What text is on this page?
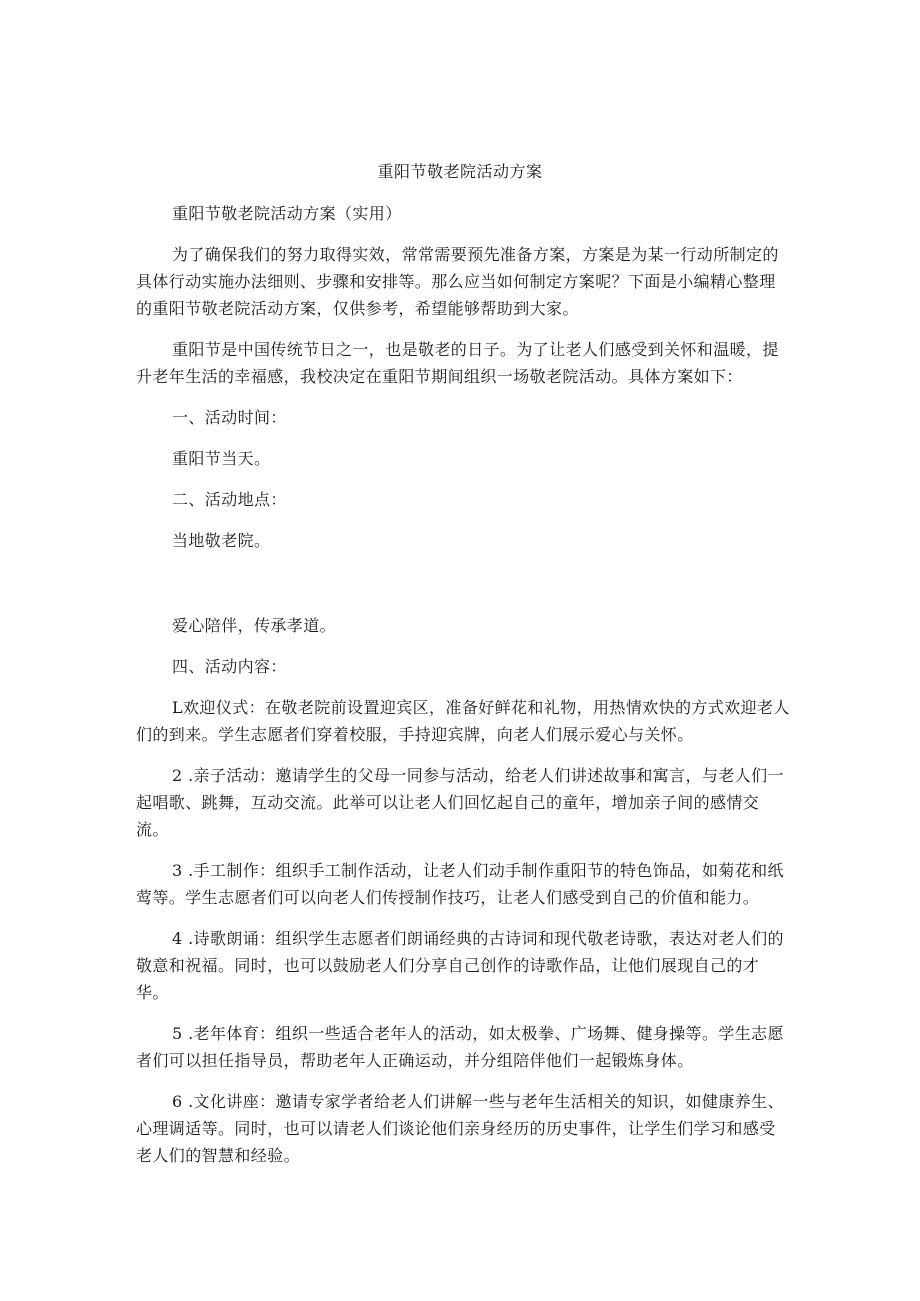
重阳节敬老院活动方案

重阳节敬老院活动方案（实用）

为了确保我们的努力取得实效，常常需要预先准备方案，方案是为某一行动所制定的具体行动实施办法细则、步骤和安排等。那么应当如何制定方案呢？下面是小编精心整理的重阳节敬老院活动方案，仅供参考，希望能够帮助到大家。

重阳节是中国传统节日之一，也是敬老的日子。为了让老人们感受到关怀和温暖，提升老年生活的幸福感，我校决定在重阳节期间组织一场敬老院活动。具体方案如下：

一、活动时间：

重阳节当天。

二、活动地点：

当地敬老院。

爱心陪伴，传承孝道。

四、活动内容：

L欢迎仪式：在敬老院前设置迎宾区，准备好鲜花和礼物，用热情欢快的方式欢迎老人们的到来。学生志愿者们穿着校服，手持迎宾牌，向老人们展示爱心与关怀。

2 .亲子活动：邀请学生的父母一同参与活动，给老人们讲述故事和寓言，与老人们一起唱歌、跳舞，互动交流。此举可以让老人们回忆起自己的童年，增加亲子间的感情交流。

3 .手工制作：组织手工制作活动，让老人们动手制作重阳节的特色饰品，如菊花和纸莺等。学生志愿者们可以向老人们传授制作技巧，让老人们感受到自己的价值和能力。

4 .诗歌朗诵：组织学生志愿者们朗诵经典的古诗词和现代敬老诗歌，表达对老人们的敬意和祝福。同时，也可以鼓励老人们分享自己创作的诗歌作品，让他们展现自己的才华。

5 .老年体育：组织一些适合老年人的活动，如太极拳、广场舞、健身操等。学生志愿者们可以担任指导员，帮助老年人正确运动，并分组陪伴他们一起锻炼身体。

6 .文化讲座：邀请专家学者给老人们讲解一些与老年生活相关的知识，如健康养生、心理调适等。同时，也可以请老人们谈论他们亲身经历的历史事件，让学生们学习和感受老人们的智慧和经验。
